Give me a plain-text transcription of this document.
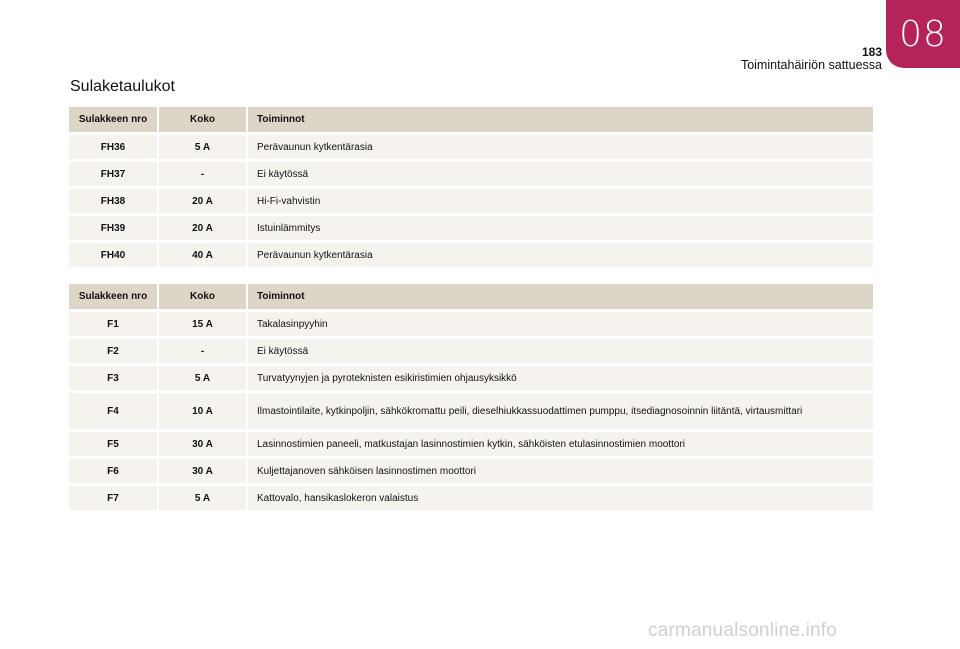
08
183
Toimintahäiriön sattuessa
Sulaketaulukot
Sulakkeen nro	Koko	Toiminnot
FH36	5 A	Perävaunun kytkentärasia
FH37	-	Ei käytössä
FH38	20 A	Hi-Fi-vahvistin
FH39	20 A	Istuinlämmitys
FH40	40 A	Perävaunun kytkentärasia
Sulakkeen nro	Koko	Toiminnot
F1	15 A	Takalasinpyyhin
F2	-	Ei käytössä
F3	5 A	Turvatyynyjen ja pyroteknisten esikiristimien ohjausyksikkö
F4	10 A	Ilmastointilaite, kytkinpoljin, sähkökromattu peili, dieselhiukkassuodattimen pumppu, itsediagnosoinnin liitäntä, virtausmittari
F5	30 A	Lasinnostimien paneeli, matkustajan lasinnostimien kytkin, sähköisten etulasinnostimien moottori
F6	30 A	Kuljettajanoven sähköisen lasinnostimen moottori
F7	5 A	Kattovalo, hansikaslokeron valaistus
carmanualsonline.info
